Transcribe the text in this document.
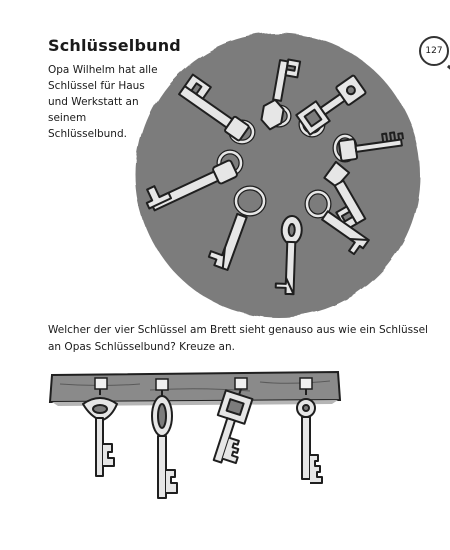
Schlüsselbund	127
Opa Wilhelm hat alle Schlüssel für Haus und Werkstatt an seinem Schlüsselbund.
Welcher der vier Schlüssel am Brett sieht genauso aus wie ein Schlüssel an Opas Schlüsselbund? Kreuze an.
